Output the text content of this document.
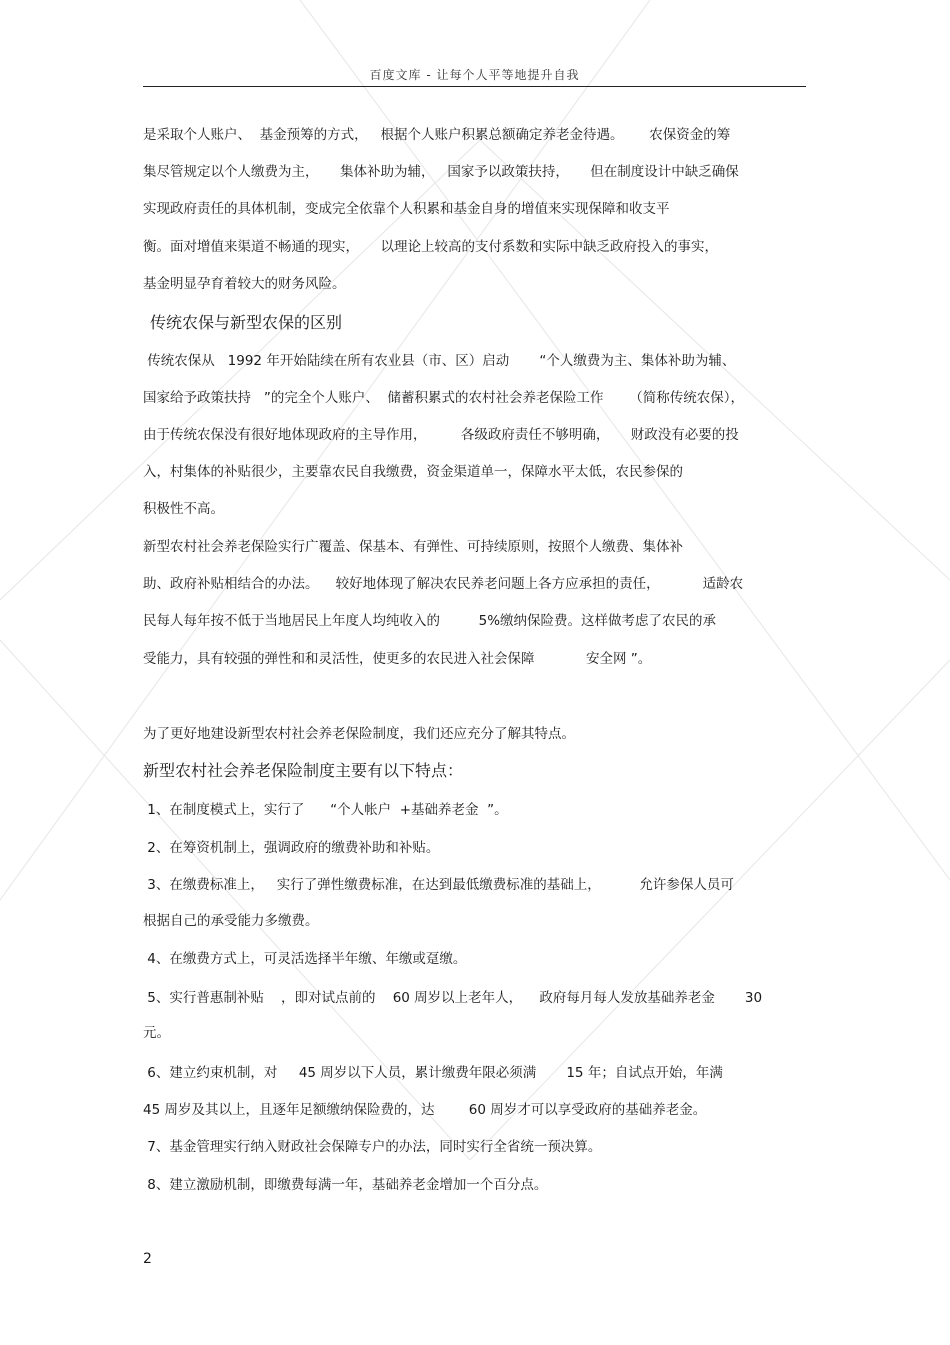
百度文库 - 让每个人平等地提升自我
是采取个人账户、  基金预筹的方式，   根据个人账户积累总额确定养老金待遇。      农保资金的筹
集尽管规定以个人缴费为主，     集体补助为辅，   国家予以政策扶持，     但在制度设计中缺乏确保
实现政府责任的具体机制，变成完全依靠个人积累和基金自身的增值来实现保障和收支平
衡。面对增值来渠道不畅通的现实，     以理论上较高的支付系数和实际中缺乏政府投入的事实，
基金明显孕育着较大的财务风险。
传统农保与新型农保的区别
传统农保从   1992 年开始陆续在所有农业县（市、区）启动       “个人缴费为主、集体补助为辅、
国家给予政策扶持   ”的完全个人账户、  储蓄积累式的农村社会养老保险工作      （简称传统农保），
由于传统农保没有很好地体现政府的主导作用，        各级政府责任不够明确，     财政没有必要的投
入，村集体的补贴很少，主要靠农民自我缴费，资金渠道单一，保障水平太低，农民参保的
积极性不高。
新型农村社会养老保险实行广覆盖、保基本、有弹性、可持续原则，按照个人缴费、集体补
助、政府补贴相结合的办法。    较好地体现了解决农民养老问题上各方应承担的责任，          适龄农
民每人每年按不低于当地居民上年度人均纯收入的         5%缴纳保险费。这样做考虑了农民的承
受能力，具有较强的弹性和和灵活性，使更多的农民进入社会保障            安全网 ”。
为了更好地建设新型农村社会养老保险制度，我们还应充分了解其特点。
新型农村社会养老保险制度主要有以下特点：
1、在制度模式上，实行了      “个人帐户  +基础养老金  ”。
2、在筹资机制上，强调政府的缴费补助和补贴。
3、在缴费标准上，   实行了弹性缴费标准，在达到最低缴费标准的基础上，         允许参保人员可
根据自己的承受能力多缴费。
4、在缴费方式上，可灵活选择半年缴、年缴或趸缴。
5、实行普惠制补贴    ，即对试点前的    60 周岁以上老年人，    政府每月每人发放基础养老金       30
元。
6、建立约束机制，对     45 周岁以下人员，累计缴费年限必须满       15 年；自试点开始，年满
45 周岁及其以上，且逐年足额缴纳保险费的，达        60 周岁才可以享受政府的基础养老金。
7、基金管理实行纳入财政社会保障专户的办法，同时实行全省统一预决算。
8、建立激励机制，即缴费每满一年，基础养老金增加一个百分点。
2
